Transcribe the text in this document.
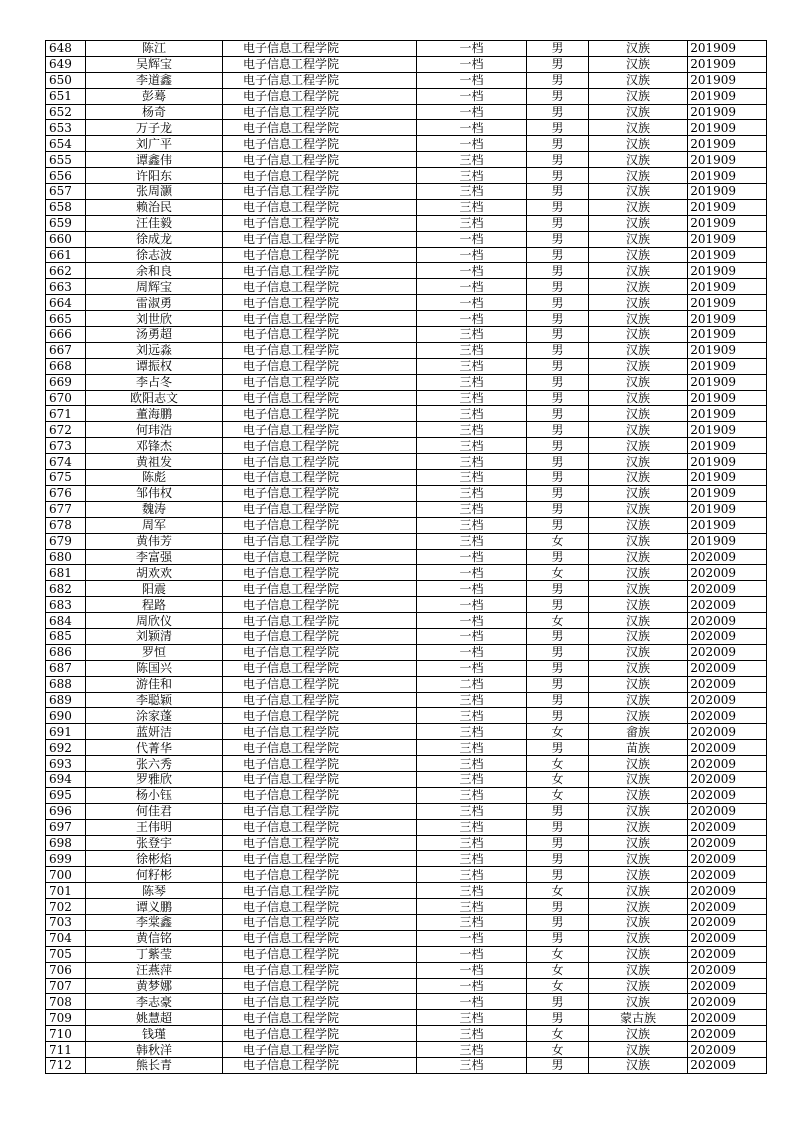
648	陈江	电子信息工程学院	一档	男	汉族	201909
649	吴辉宝	电子信息工程学院	一档	男	汉族	201909
650	李道鑫	电子信息工程学院	一档	男	汉族	201909
651	彭蓦	电子信息工程学院	一档	男	汉族	201909
652	杨奇	电子信息工程学院	一档	男	汉族	201909
653	万子龙	电子信息工程学院	一档	男	汉族	201909
654	刘广平	电子信息工程学院	一档	男	汉族	201909
655	谭鑫伟	电子信息工程学院	三档	男	汉族	201909
656	许阳东	电子信息工程学院	三档	男	汉族	201909
657	张周灏	电子信息工程学院	三档	男	汉族	201909
658	赖治民	电子信息工程学院	三档	男	汉族	201909
659	汪佳毅	电子信息工程学院	三档	男	汉族	201909
660	徐成龙	电子信息工程学院	一档	男	汉族	201909
661	徐志波	电子信息工程学院	一档	男	汉族	201909
662	余和良	电子信息工程学院	一档	男	汉族	201909
663	周辉宝	电子信息工程学院	一档	男	汉族	201909
664	雷淑勇	电子信息工程学院	一档	男	汉族	201909
665	刘世欣	电子信息工程学院	一档	男	汉族	201909
666	汤勇超	电子信息工程学院	三档	男	汉族	201909
667	刘远淼	电子信息工程学院	三档	男	汉族	201909
668	谭振权	电子信息工程学院	三档	男	汉族	201909
669	李占冬	电子信息工程学院	三档	男	汉族	201909
670	欧阳志文	电子信息工程学院	三档	男	汉族	201909
671	董海鹏	电子信息工程学院	三档	男	汉族	201909
672	何玮浩	电子信息工程学院	三档	男	汉族	201909
673	邓锋杰	电子信息工程学院	三档	男	汉族	201909
674	黄祖发	电子信息工程学院	三档	男	汉族	201909
675	陈彪	电子信息工程学院	三档	男	汉族	201909
676	邹伟权	电子信息工程学院	三档	男	汉族	201909
677	魏涛	电子信息工程学院	三档	男	汉族	201909
678	周军	电子信息工程学院	三档	男	汉族	201909
679	黄伟芳	电子信息工程学院	三档	女	汉族	201909
680	李富强	电子信息工程学院	一档	男	汉族	202009
681	胡欢欢	电子信息工程学院	一档	女	汉族	202009
682	阳震	电子信息工程学院	一档	男	汉族	202009
683	程路	电子信息工程学院	一档	男	汉族	202009
684	周欣仪	电子信息工程学院	一档	女	汉族	202009
685	刘颖清	电子信息工程学院	一档	男	汉族	202009
686	罗恒	电子信息工程学院	一档	男	汉族	202009
687	陈国兴	电子信息工程学院	一档	男	汉族	202009
688	游佳和	电子信息工程学院	二档	男	汉族	202009
689	李聪颖	电子信息工程学院	三档	男	汉族	202009
690	涂家蓬	电子信息工程学院	三档	男	汉族	202009
691	蓝妍洁	电子信息工程学院	三档	女	畲族	202009
692	代菁华	电子信息工程学院	三档	男	苗族	202009
693	张六秀	电子信息工程学院	三档	女	汉族	202009
694	罗雅欣	电子信息工程学院	三档	女	汉族	202009
695	杨小钰	电子信息工程学院	三档	女	汉族	202009
696	何佳君	电子信息工程学院	三档	男	汉族	202009
697	王伟明	电子信息工程学院	三档	男	汉族	202009
698	张登宇	电子信息工程学院	三档	男	汉族	202009
699	徐彬焰	电子信息工程学院	三档	男	汉族	202009
700	何籽彬	电子信息工程学院	三档	男	汉族	202009
701	陈琴	电子信息工程学院	三档	女	汉族	202009
702	谭义鹏	电子信息工程学院	三档	男	汉族	202009
703	李棠鑫	电子信息工程学院	三档	男	汉族	202009
704	黄信铭	电子信息工程学院	一档	男	汉族	202009
705	丁紫莹	电子信息工程学院	一档	女	汉族	202009
706	汪燕萍	电子信息工程学院	一档	女	汉族	202009
707	黄梦娜	电子信息工程学院	一档	女	汉族	202009
708	李志豪	电子信息工程学院	一档	男	汉族	202009
709	姚慧超	电子信息工程学院	三档	男	蒙古族	202009
710	钱瑾	电子信息工程学院	三档	女	汉族	202009
711	韩秋洋	电子信息工程学院	三档	女	汉族	202009
712	熊长青	电子信息工程学院	三档	男	汉族	202009
